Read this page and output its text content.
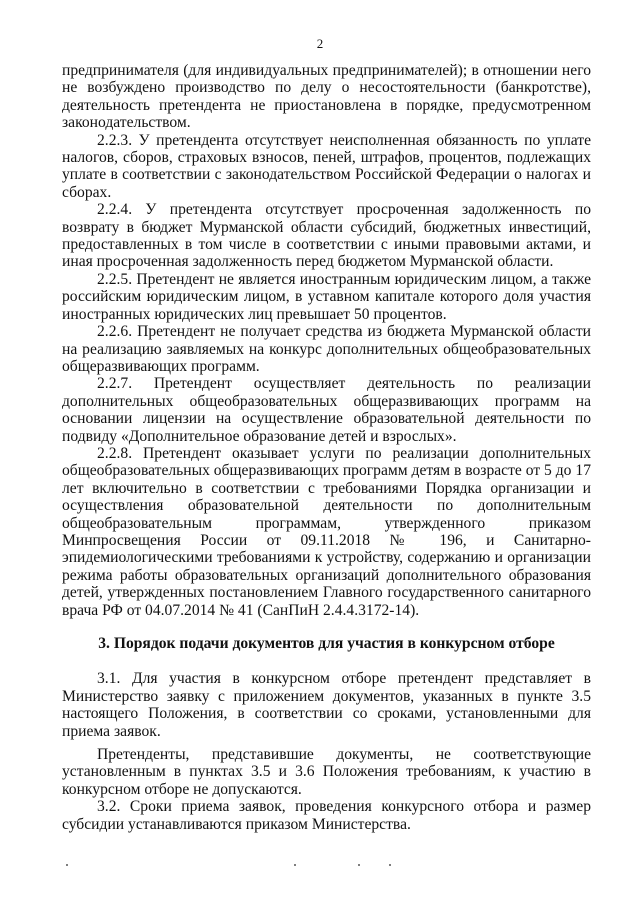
2

предпринимателя (для индивидуальных предпринимателей); в отношении него не возбуждено производство по делу о несостоятельности (банкротстве), деятельность претендента не приостановлена в порядке, предусмотренном законодательством.

2.2.3. У претендента отсутствует неисполненная обязанность по уплате налогов, сборов, страховых взносов, пеней, штрафов, процентов, подлежащих уплате в соответствии с законодательством Российской Федерации о налогах и сборах.

2.2.4. У претендента отсутствует просроченная задолженность по возврату в бюджет Мурманской области субсидий, бюджетных инвестиций, предоставленных в том числе в соответствии с иными правовыми актами, и иная просроченная задолженность перед бюджетом Мурманской области.

2.2.5. Претендент не является иностранным юридическим лицом, а также российским юридическим лицом, в уставном капитале которого доля участия иностранных юридических лиц превышает 50 процентов.

2.2.6. Претендент не получает средства из бюджета Мурманской области на реализацию заявляемых на конкурс дополнительных общеобразовательных общеразвивающих программ.

2.2.7. Претендент осуществляет деятельность по реализации дополнительных общеобразовательных общеразвивающих программ на основании лицензии на осуществление образовательной деятельности по подвиду «Дополнительное образование детей и взрослых».

2.2.8. Претендент оказывает услуги по реализации дополнительных общеобразовательных общеразвивающих программ детям в возрасте от 5 до 17 лет включительно в соответствии с требованиями Порядка организации и осуществления образовательной деятельности по дополнительным общеобразовательным программам, утвержденного приказом Минпросвещения России от 09.11.2018 № 196, и Санитарно-эпидемиологическими требованиями к устройству, содержанию и организации режима работы образовательных организаций дополнительного образования детей, утвержденных постановлением Главного государственного санитарного врача РФ от 04.07.2014 № 41 (СанПиН 2.4.4.3172-14).

3. Порядок подачи документов для участия в конкурсном отборе

3.1. Для участия в конкурсном отборе претендент представляет в Министерство заявку с приложением документов, указанных в пункте 3.5 настоящего Положения, в соответствии со сроками, установленными для приема заявок.

Претенденты, представившие документы, не соответствующие установленным в пунктах 3.5 и 3.6 Положения требованиям, к участию в конкурсном отборе не допускаются.

3.2. Сроки приема заявок, проведения конкурсного отбора и размер субсидии устанавливаются приказом Министерства.
